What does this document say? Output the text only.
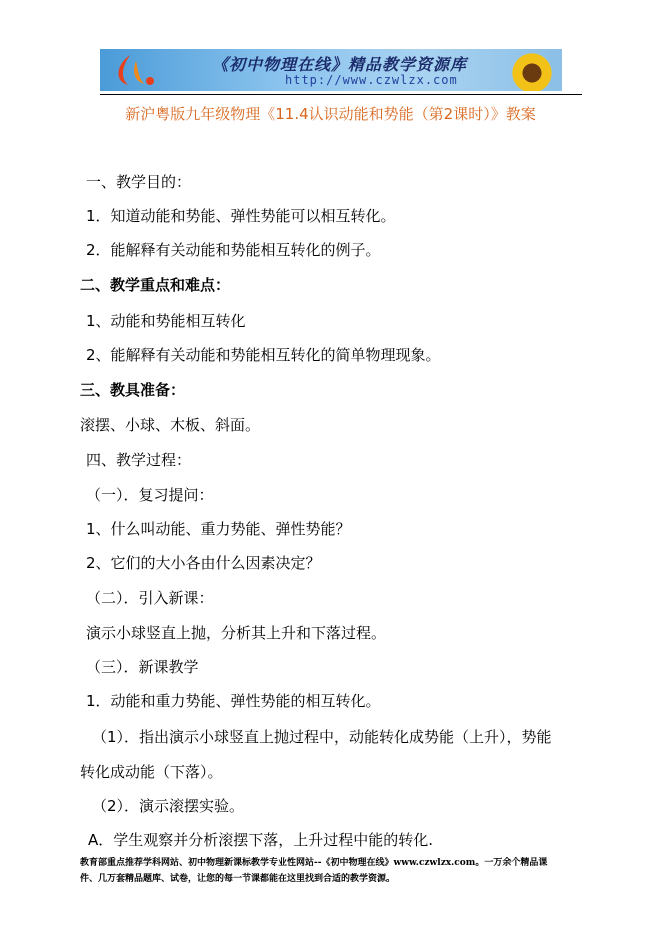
《初中物理在线》精品教学资源库
http://www.czwlzx.com
新沪粤版九年级物理《11.4认识动能和势能（第2课时）》教案
一、教学目的：
1．知道动能和势能、弹性势能可以相互转化。
2．能解释有关动能和势能相互转化的例子。
二、教学重点和难点：
1、动能和势能相互转化
2、能解释有关动能和势能相互转化的简单物理现象。
三、教具准备：
滚摆、小球、木板、斜面。
四、教学过程：
（一）．复习提问：
1、什么叫动能、重力势能、弹性势能？
2、它们的大小各由什么因素决定？
（二）．引入新课：
演示小球竖直上抛，分析其上升和下落过程。
（三）．新课教学
1．动能和重力势能、弹性势能的相互转化。
（1）．指出演示小球竖直上抛过程中，动能转化成势能（上升），势能
转化成动能（下落）。
（2）．演示滚摆实验。
A．学生观察并分析滚摆下落，上升过程中能的转化.
教育部重点推荐学科网站、初中物理新课标教学专业性网站--《初中物理在线》www.czwlzx.com。一万余个精品课
件、几万套精品题库、试卷，让您的每一节课都能在这里找到合适的教学资源。
